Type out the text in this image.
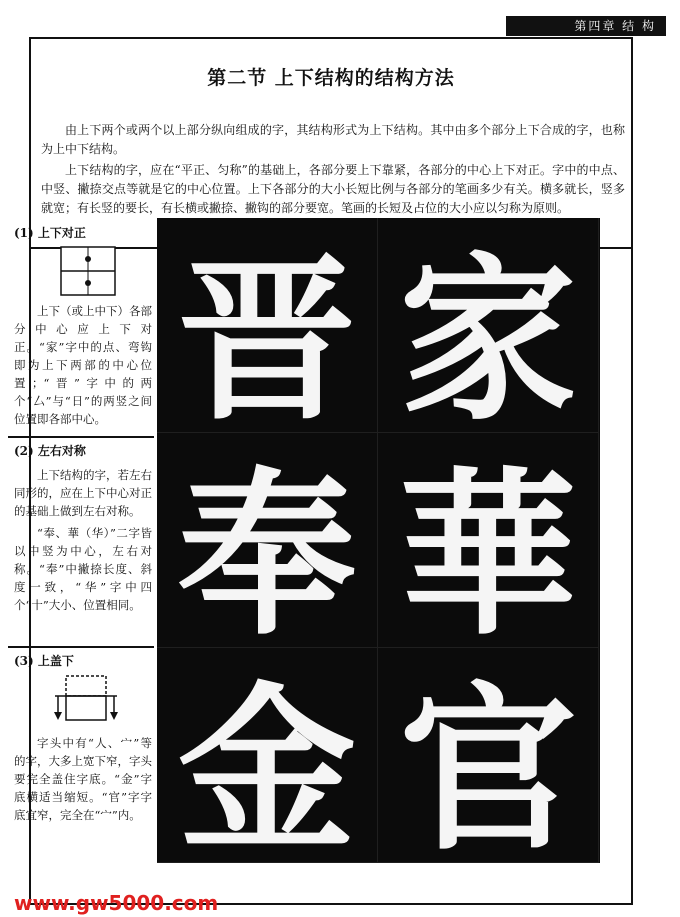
第四章 结 构
第二节 上下结构的结构方法

由上下两个或两个以上部分纵向组成的字，其结构形式为上下结构。其中由多个部分上下合成的字，也称为上中下结构。

上下结构的字，应在“平正、匀称”的基础上，各部分要上下靠紧，各部分的中心上下对正。字中的中点、中竖、撇捺交点等就是它的中心位置。上下各部分的大小长短比例与各部分的笔画多少有关。横多就长，竖多就宽；有长竖的要长，有长横或撇捺、撇钩的部分要宽。笔画的长短及占位的大小应以匀称为原则。

(1) 上下对正

上下（或上中下）各部分中心应上下对正。“家”字中的点、弯钩即为上下两部的中心位置；“晋”字中的两个“厶”与“日”的两竖之间位置即各部中心。

(2) 左右对称

上下结构的字，若左右同形的，应在上下中心对正的基础上做到左右对称。

“奉、華（华）”二字皆以中竖为中心，左右对称。“奉”中撇捺长度、斜度一致，“华”字中四个“十”大小、位置相同。

(3) 上盖下

字头中有“人、宀”等的字，大多上宽下窄，字头要完全盖住字底。“金”字底横适当缩短。“官”字字底宜窄，完全在“宀”内。

晋 家
奉 華
金 官
www.gw5000.com
